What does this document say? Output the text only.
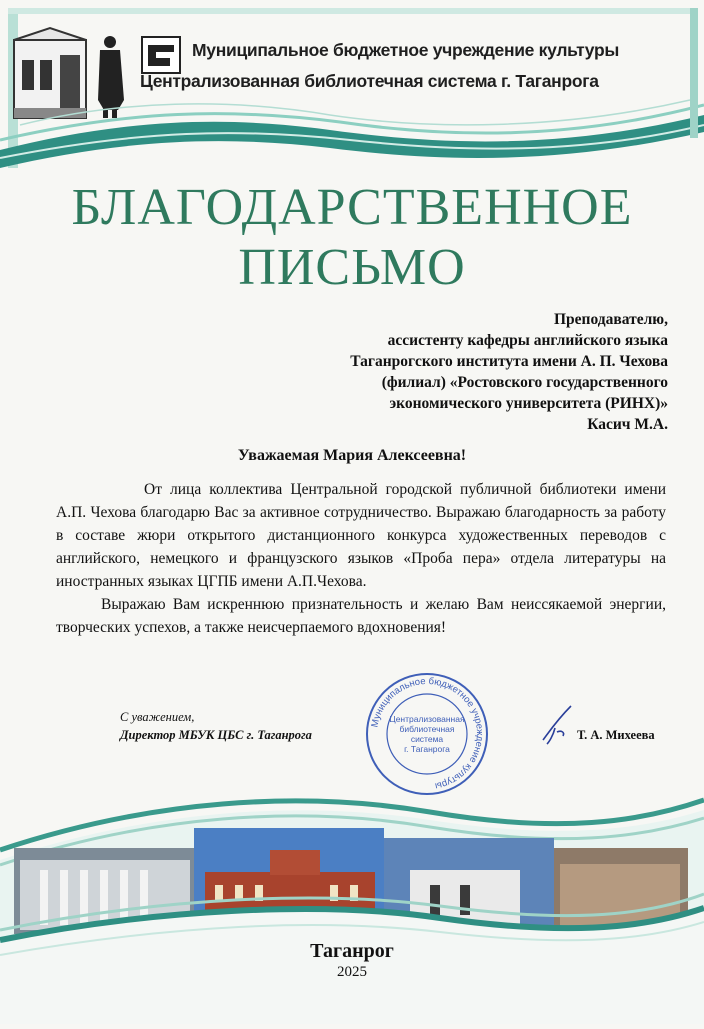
Муниципальное бюджетное учреждение культуры
Централизованная библиотечная система г. Таганрога
БЛАГОДАРСТВЕННОЕ
ПИСЬМО
Преподавателю,
ассистенту кафедры английского языка
Таганрогского института имени А. П. Чехова
(филиал) «Ростовского государственного
экономического университета (РИНХ)»
Касич М.А.
Уважаемая Мария Алексеевна!

От лица коллектива Центральной городской публичной библиотеки имени А.П. Чехова благодарю Вас за активное сотрудничество. Выражаю благодарность за работу в составе жюри открытого дистанционного конкурса художественных переводов с английского, немецкого и французского языков «Проба пера» отдела литературы на иностранных языках ЦГПБ имени А.П.Чехова.

Выражаю Вам искреннюю признательность и желаю Вам неиссякаемой энергии, творческих успехов, а также неисчерпаемого вдохновения!

С уважением,
Директор МБУК ЦБС г. Таганрога	Т. А. Михеева
Муниципальное бюджетное учреждение культуры
Централизованная
библиотечная
система
г. Таганрога
Таганрог
2025
